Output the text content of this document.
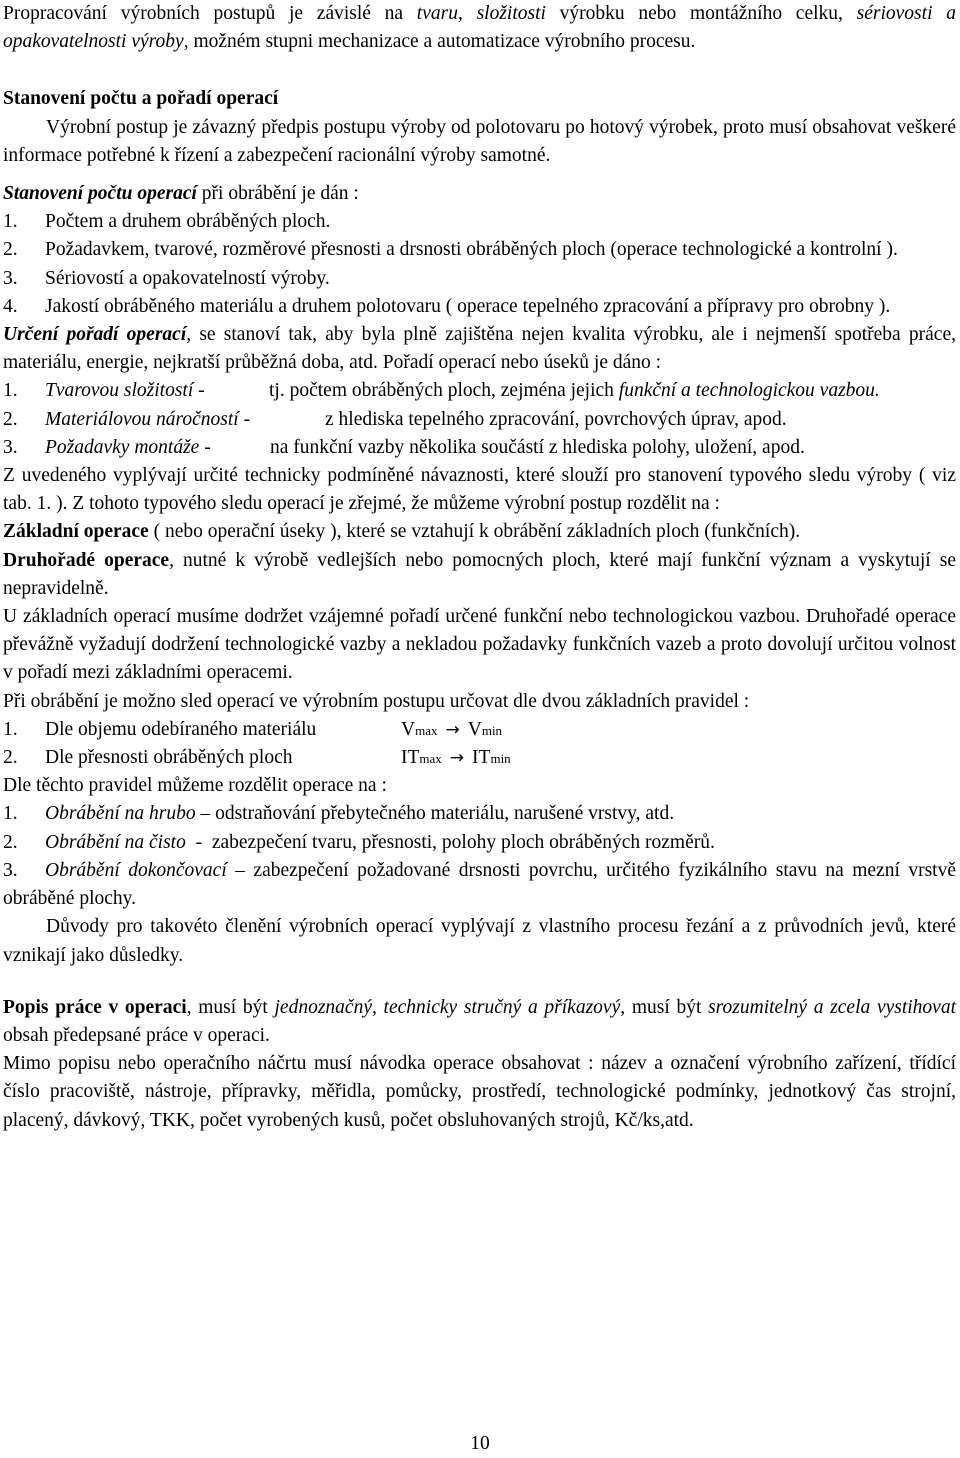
Propracování výrobních postupů je závislé na tvaru, složitosti výrobku nebo montážního celku, sériovosti a opakovatelnosti výroby, možném stupni mechanizace a automatizace výrobního procesu.

Stanovení počtu a pořadí operací

Výrobní postup je závazný předpis postupu výroby od polotovaru po hotový výrobek, proto musí obsahovat veškeré informace potřebné k řízení a zabezpečení racionální výroby samotné.

Stanovení počtu operací při obrábění je dán :

1.	Počtem a druhem obráběných ploch.
2.	Požadavkem, tvarové, rozměrové přesnosti a drsnosti obráběných ploch (operace technologické a kontrolní ).
3.	Sériovostí a opakovatelností výroby.
4.	Jakostí obráběného materiálu a druhem polotovaru ( operace tepelného zpracování a přípravy pro obrobny ).

Určení pořadí operací, se stanoví tak, aby byla plně zajištěna nejen kvalita výrobku, ale i nejmenší spotřeba práce, materiálu, energie, nejkratší průběžná doba, atd. Pořadí operací nebo úseků je dáno :

1.	Tvarovou složitostí -	tj. počtem obráběných ploch, zejména jejich funkční a technologickou vazbou.
2.	Materiálovou náročností -	z hlediska tepelného zpracování, povrchových úprav, apod.
3.	Požadavky montáže -	na funkční vazby několika součástí z hlediska polohy, uložení, apod.

Z uvedeného vyplývají určité technicky podmíněné návaznosti, které slouží pro stanovení typového sledu výroby ( viz tab. 1. ). Z tohoto typového sledu operací je zřejmé, že můžeme výrobní postup rozdělit na :

Základní operace ( nebo operační úseky ), které se vztahují k obrábění základních ploch (funkčních).

Druhořadé operace, nutné k výrobě vedlejších nebo pomocných ploch, které mají funkční význam a vyskytují se nepravidelně.

U základních operací musíme dodržet vzájemné pořadí určené funkční nebo technologickou vazbou. Druhořadé operace převážně vyžadují dodržení technologické vazby a nekladou požadavky funkčních vazeb a proto dovolují určitou volnost v pořadí mezi základními operacemi.

Při obrábění je možno sled operací ve výrobním postupu určovat dle dvou základních pravidel :

1.	Dle objemu odebíraného materiálu	V max → V min
2.	Dle přesnosti obráběných ploch	IT max → IT min

Dle těchto pravidel můžeme rozdělit operace na :

1.	Obrábění na hrubo – odstraňování přebytečného materiálu, narušené vrstvy, atd.
2.	Obrábění na čisto  -  zabezpečení tvaru, přesnosti, polohy ploch obráběných rozměrů.

3. Obrábění dokončovací – zabezpečení požadované drsnosti povrchu, určitého fyzikálního stavu na mezní vrstvě obráběné plochy.

Důvody pro takovéto členění výrobních operací vyplývají z vlastního procesu řezání a z průvodních jevů, které vznikají jako důsledky.

Popis práce v operaci, musí být jednoznačný, technicky stručný a příkazový, musí být srozumitelný a zcela vystihovat obsah předepsané práce v operaci.

Mimo popisu nebo operačního náčrtu musí návodka operace obsahovat : název a označení výrobního zařízení, třídící číslo pracoviště, nástroje, přípravky, měřidla, pomůcky, prostředí, technologické podmínky, jednotkový čas strojní, placený, dávkový, TKK, počet vyrobených kusů, počet obsluhovaných strojů, Kč/ks,atd.

10
